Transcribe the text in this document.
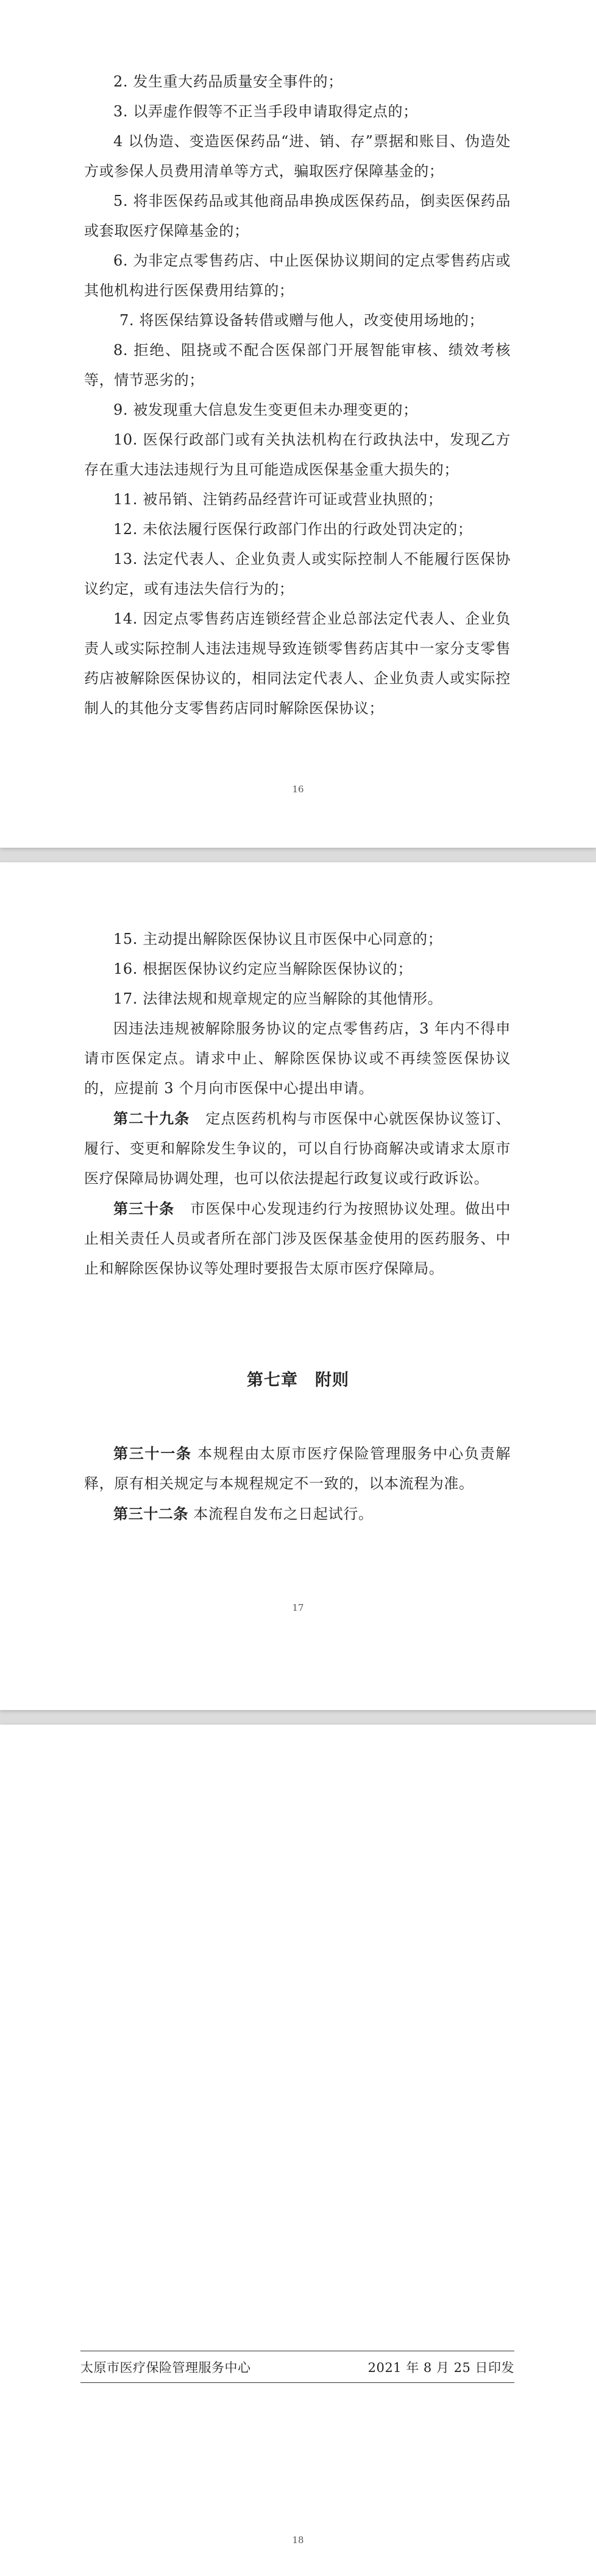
2. 发生重大药品质量安全事件的；

3. 以弄虚作假等不正当手段申请取得定点的；

4 以伪造、变造医保药品“进、销、存”票据和账目、伪造处方或参保人员费用清单等方式，骗取医疗保障基金的；

5. 将非医保药品或其他商品串换成医保药品，倒卖医保药品或套取医疗保障基金的；

6. 为非定点零售药店、中止医保协议期间的定点零售药店或其他机构进行医保费用结算的；

7. 将医保结算设备转借或赠与他人，改变使用场地的；

8. 拒绝、阻挠或不配合医保部门开展智能审核、绩效考核等，情节恶劣的；

9. 被发现重大信息发生变更但未办理变更的；

10. 医保行政部门或有关执法机构在行政执法中，发现乙方存在重大违法违规行为且可能造成医保基金重大损失的；

11. 被吊销、注销药品经营许可证或营业执照的；

12. 未依法履行医保行政部门作出的行政处罚决定的；

13. 法定代表人、企业负责人或实际控制人不能履行医保协议约定，或有违法失信行为的；

14. 因定点零售药店连锁经营企业总部法定代表人、企业负责人或实际控制人违法违规导致连锁零售药店其中一家分支零售药店被解除医保协议的，相同法定代表人、企业负责人或实际控制人的其他分支零售药店同时解除医保协议；

16

15. 主动提出解除医保协议且市医保中心同意的；

16. 根据医保协议约定应当解除医保协议的；

17. 法律法规和规章规定的应当解除的其他情形。

因违法违规被解除服务协议的定点零售药店，3 年内不得申请市医保定点。请求中止、解除医保协议或不再续签医保协议的，应提前 3 个月向市医保中心提出申请。

第二十九条 定点医药机构与市医保中心就医保协议签订、履行、变更和解除发生争议的，可以自行协商解决或请求太原市医疗保障局协调处理，也可以依法提起行政复议或行政诉讼。

第三十条 市医保中心发现违约行为按照协议处理。做出中止相关责任人员或者所在部门涉及医保基金使用的医药服务、中止和解除医保协议等处理时要报告太原市医疗保障局。

第七章 附则

第三十一条 本规程由太原市医疗保险管理服务中心负责解释，原有相关规定与本规程规定不一致的，以本流程为准。

第三十二条 本流程自发布之日起试行。

17
太原市医疗保险管理服务中心	2021 年 8 月 25 日印发
18
